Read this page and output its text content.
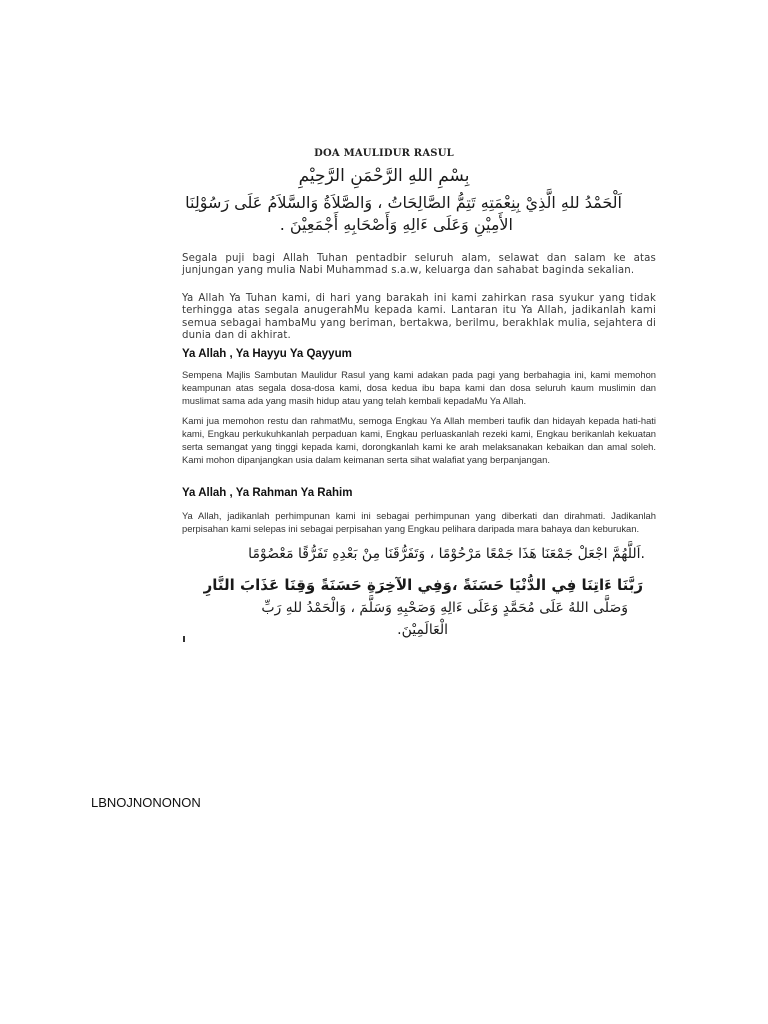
DOA MAULIDUR RASUL
بِسْمِ اللهِ الرَّحْمَنِ الرَّحِيْمِ
اَلْحَمْدُ للهِ الَّذِيْ بِنِعْمَتِهِ تَتِمُّ الصَّالِحَاتُ ، وَالصَّلاَةُ وَالسَّلاَمُ عَلَى رَسُوْلِنَا
الأَمِيْنِ وَعَلَى ءَالِهِ وَأَصْحَابِهِ أَجْمَعِيْنَ .
Segala puji bagi Allah Tuhan pentadbir seluruh alam, selawat dan salam ke atas junjungan yang mulia Nabi Muhammad s.a.w, keluarga dan sahabat baginda sekalian.
Ya Allah Ya Tuhan kami, di hari yang barakah ini kami zahirkan rasa syukur yang tidak terhingga atas segala anugerahMu kepada kami. Lantaran itu Ya Allah, jadikanlah kami semua sebagai hambaMu yang beriman, bertakwa, berilmu, berakhlak mulia, sejahtera di dunia dan di akhirat.
Ya Allah , Ya Hayyu Ya Qayyum
Sempena Majlis Sambutan Maulidur Rasul yang kami adakan pada pagi yang berbahagia ini, kami memohon keampunan atas segala dosa-dosa kami, dosa kedua ibu bapa kami dan dosa seluruh kaum muslimin dan muslimat sama ada yang masih hidup atau yang telah kembali kepadaMu Ya Allah.
Kami jua memohon restu dan rahmatMu, semoga Engkau Ya Allah memberi taufik dan hidayah kepada hati-hati kami, Engkau perkukuhkanlah perpaduan kami, Engkau perluaskanlah rezeki kami, Engkau berikanlah kekuatan serta semangat yang tinggi kepada kami, dorongkanlah kami ke arah melaksanakan kebaikan dan amal soleh. Kami mohon dipanjangkan usia dalam keimanan serta sihat walafiat yang berpanjangan.
Ya Allah , Ya Rahman Ya Rahim
Ya Allah, jadikanlah perhimpunan kami ini sebagai perhimpunan yang diberkati dan dirahmati. Jadikanlah perpisahan kami selepas ini sebagai perpisahan yang Engkau pelihara daripada mara bahaya dan keburukan.
.اَللَّهُمَّ اجْعَلْ جَمْعَنَا هَذَا جَمْعًا مَرْحُوْمًا ، وَتَفَرُّقَنَا مِنْ بَعْدِهِ تَفَرُّقًا مَعْصُوْمًا
رَبَّنَا ءَاتِنَا فِي الدُّنْيَا حَسَنَةً ،وَفِي الآخِرَةِ حَسَنَةً وَقِنَا عَذَابَ النَّارِ
وَصَلَّى اللهُ عَلَى مُحَمَّدٍ وَعَلَى ءَالِهِ وَصَحْبِهِ وَسَلَّمَ ، وَالْحَمْدُ للهِ رَبِّ
الْعَالَمِيْنَ.
LBNOJNONONON
